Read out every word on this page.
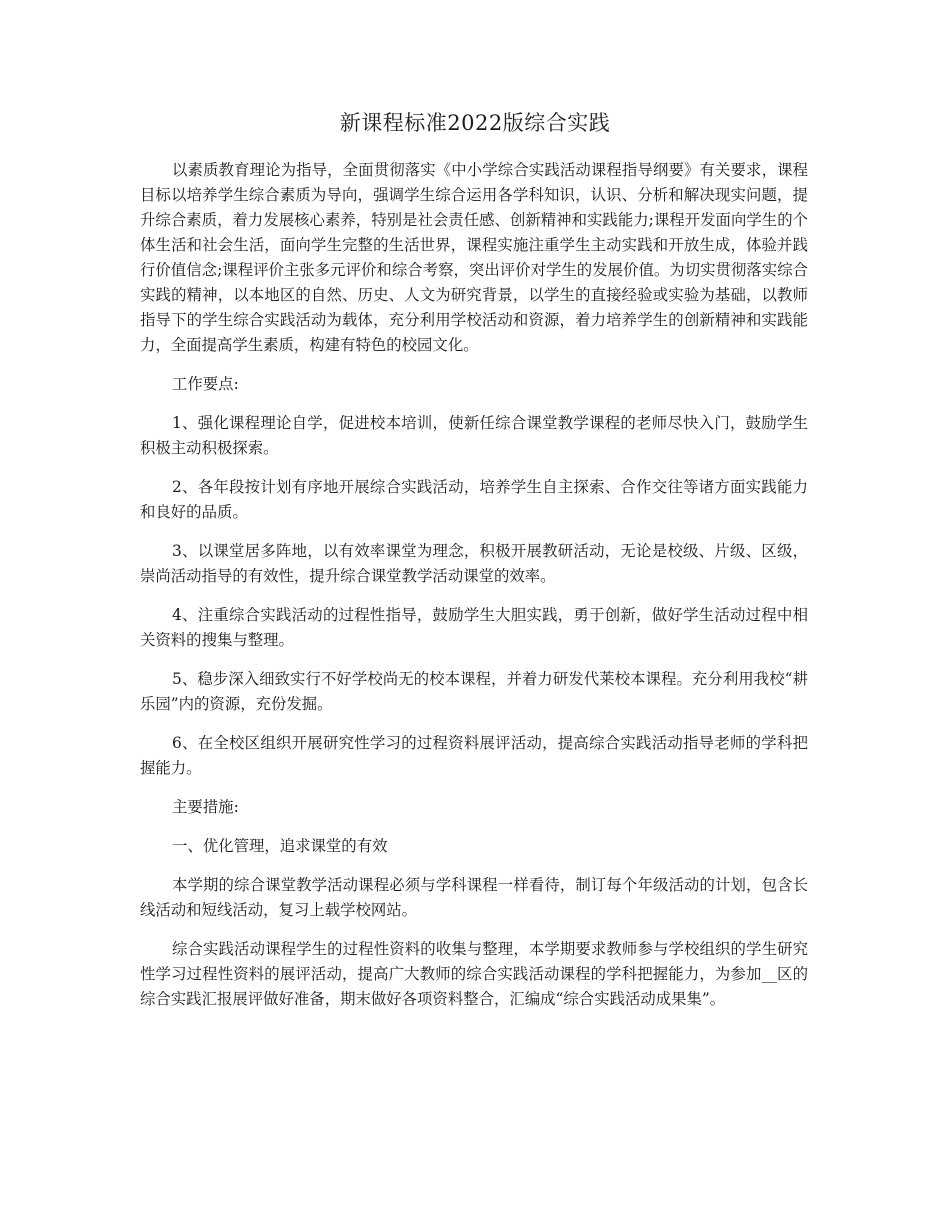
新课程标准2022版综合实践

以素质教育理论为指导，全面贯彻落实《中小学综合实践活动课程指导纲要》有关要求，课程目标以培养学生综合素质为导向，强调学生综合运用各学科知识，认识、分析和解决现实问题，提升综合素质，着力发展核心素养，特别是社会责任感、创新精神和实践能力;课程开发面向学生的个体生活和社会生活，面向学生完整的生活世界，课程实施注重学生主动实践和开放生成，体验并践行价值信念;课程评价主张多元评价和综合考察，突出评价对学生的发展价值。为切实贯彻落实综合实践的精神，以本地区的自然、历史、人文为研究背景，以学生的直接经验或实验为基础，以教师指导下的学生综合实践活动为载体，充分利用学校活动和资源，着力培养学生的创新精神和实践能力，全面提高学生素质，构建有特色的校园文化。

工作要点:

1、强化课程理论自学，促进校本培训，使新任综合课堂教学课程的老师尽快入门，鼓励学生积极主动积极探索。

2、各年段按计划有序地开展综合实践活动，培养学生自主探索、合作交往等诸方面实践能力和良好的品质。

3、以课堂居多阵地，以有效率课堂为理念，积极开展教研活动，无论是校级、片级、区级，崇尚活动指导的有效性，提升综合课堂教学活动课堂的效率。

4、注重综合实践活动的过程性指导，鼓励学生大胆实践，勇于创新，做好学生活动过程中相关资料的搜集与整理。

5、稳步深入细致实行不好学校尚无的校本课程，并着力研发代莱校本课程。充分利用我校“耕乐园”内的资源，充份发掘。

6、在全校区组织开展研究性学习的过程资料展评活动，提高综合实践活动指导老师的学科把握能力。

主要措施:

一、优化管理，追求课堂的有效

本学期的综合课堂教学活动课程必须与学科课程一样看待，制订每个年级活动的计划，包含长线活动和短线活动，复习上载学校网站。

综合实践活动课程学生的过程性资料的收集与整理，本学期要求教师参与学校组织的学生研究性学习过程性资料的展评活动，提高广大教师的综合实践活动课程的学科把握能力，为参加__区的综合实践汇报展评做好准备，期末做好各项资料整合，汇编成“综合实践活动成果集”。
